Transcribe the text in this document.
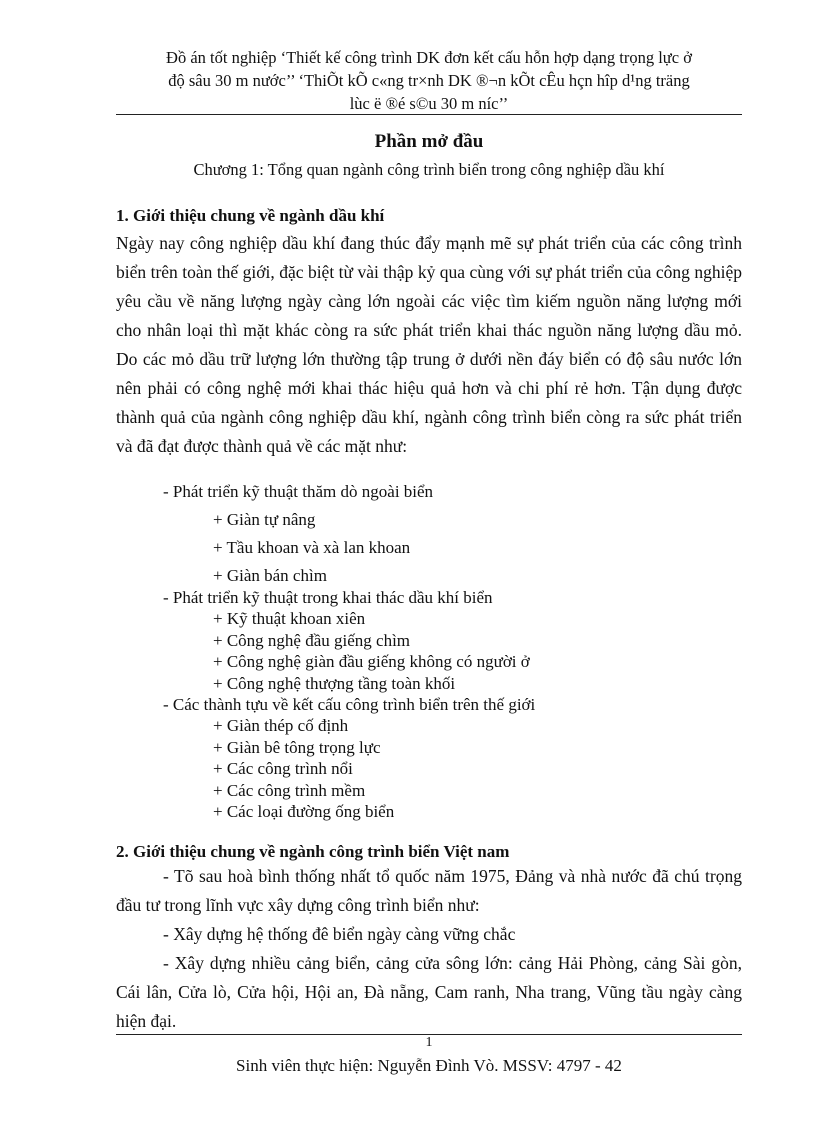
Đồ án tốt nghiệp ‘Thiết kế công trình DK đơn kết cấu hỗn hợp dạng trọng lực ở
độ sâu 30 m nước’’ ‘ThiÕt kÕ c«ng tr×nh DK ®¬n kÕt cÊu hçn hîp d¹ng träng
lùc ë ®é s©u 30 m níc’’
Phần mở đầu
Chương 1: Tổng quan ngành công trình biển trong công nghiệp dầu khí
1. Giới thiệu chung về ngành dầu khí
Ngày nay công nghiệp dầu khí đang thúc đẩy mạnh mẽ sự phát triển của các công trình biển trên toàn thế giới, đặc biệt từ vài thập kỷ qua cùng với sự phát triển của công nghiệp yêu cầu về năng lượng ngày càng lớn ngoài các việc tìm kiếm nguồn năng lượng mới cho nhân loại thì mặt khác còng ra sức phát triển khai thác nguồn năng lượng dầu mỏ. Do các mỏ dầu trữ lượng lớn thường tập trung ở dưới nền đáy biển có độ sâu nước lớn nên phải có công nghệ mới khai thác hiệu quả hơn và chi phí rẻ hơn. Tận dụng được thành quả của ngành công nghiệp dầu khí, ngành công trình biển còng ra sức phát triển và đã đạt được thành quả về các mặt như:
- Phát triển kỹ thuật thăm dò ngoài biển
+ Giàn tự nâng
+ Tầu khoan và xà lan khoan
+ Giàn bán chìm
- Phát triển kỹ thuật trong khai thác dầu khí biển
+ Kỹ thuật khoan xiên
+ Công nghệ đầu giếng chìm
+ Công nghệ giàn đầu giếng không có người ở
+ Công nghệ thượng tầng toàn khối
- Các thành tựu về kết cấu công trình biển trên thế giới
+ Giàn thép cố định
+ Giàn bê tông trọng lực
+ Các công trình nổi
+ Các công trình mềm
+ Các loại đường ống biển
2. Giới thiệu chung về ngành công trình biển Việt nam
- Tõ sau hoà bình thống nhất tổ quốc năm 1975, Đảng và nhà nước đã chú trọng đầu tư trong lĩnh vực xây dựng công trình biển như:
- Xây dựng hệ thống đê biển ngày càng vững chắc
- Xây dựng nhiều cảng biển, cảng cửa sông lớn: cảng Hải Phòng, cảng Sài gòn, Cái lân, Cửa lò, Cửa hội, Hội an, Đà nẵng, Cam ranh, Nha trang, Vũng tầu ngày càng hiện đại.
1
Sinh viên thực hiện: Nguyễn Đình Vò. MSSV: 4797 - 42
